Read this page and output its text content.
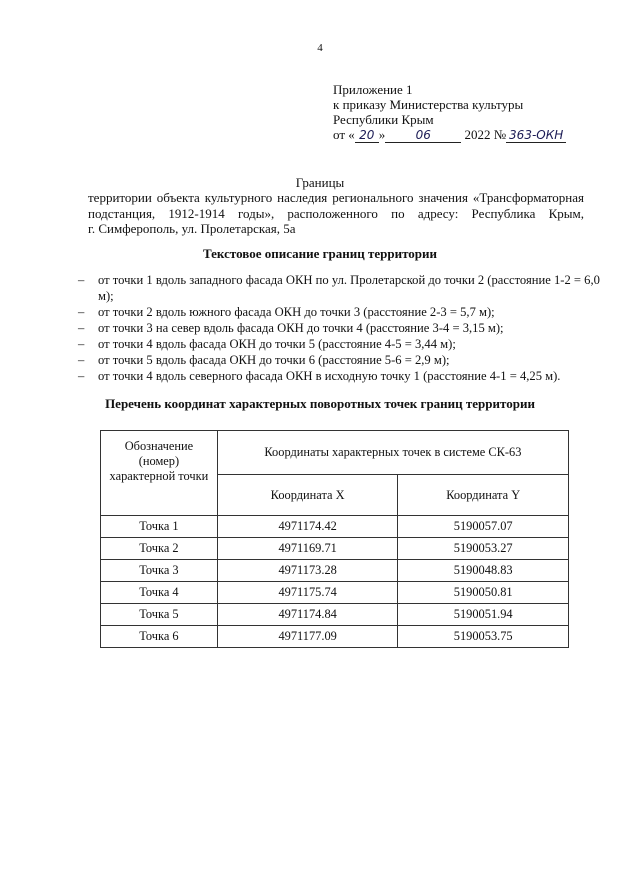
4
Приложение 1
к приказу Министерства культуры
Республики Крым
от « 20 »	06	2022 № 363-ОКН
Границы
территории объекта культурного наследия регионального значения «Трансформаторная
подстанция, 1912-1914 годы», расположенного по адресу: Республика Крым,
г. Симферополь, ул. Пролетарская, 5а
Текстовое описание границ территории
– от точки 1 вдоль западного фасада ОКН по ул. Пролетарской до точки 2 (расстояние 1-2 = 6,0 м);
– от точки 2 вдоль южного фасада ОКН до точки 3 (расстояние 2-3 = 5,7 м);
– от точки 3 на север вдоль фасада ОКН до точки 4 (расстояние 3-4 = 3,15 м);
– от точки 4 вдоль фасада ОКН до точки 5 (расстояние 4-5 = 3,44 м);
– от точки 5 вдоль фасада ОКН до точки 6 (расстояние 5-6 = 2,9 м);
– от точки 4 вдоль северного фасада ОКН в исходную точку 1 (расстояние 4-1 = 4,25 м).
Перечень координат характерных поворотных точек границ территории
Обозначение (номер) характерной точки	Координаты характерных точек в системе СК-63	
	Координата X	Координата Y
Точка 1	4971174.42	5190057.07
Точка 2	4971169.71	5190053.27
Точка 3	4971173.28	5190048.83
Точка 4	4971175.74	5190050.81
Точка 5	4971174.84	5190051.94
Точка 6	4971177.09	5190053.75
